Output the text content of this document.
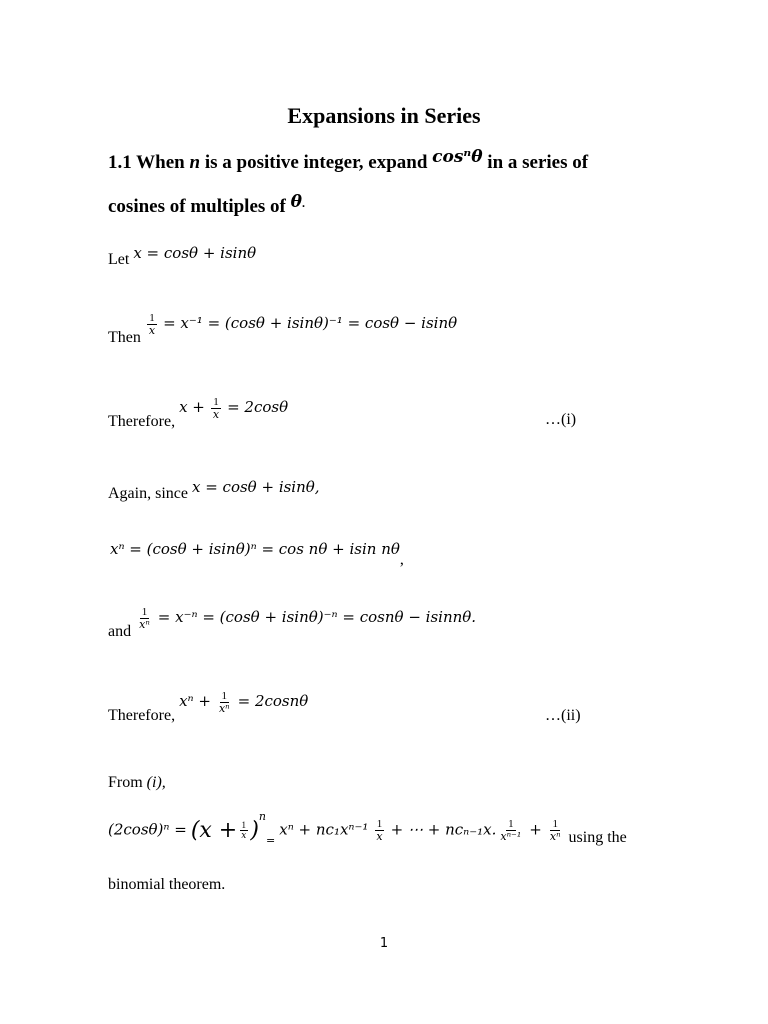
Expansions in Series
1.1 When n is a positive integer, expand cosⁿθ in a series of
cosines of multiples of θ.
Let x = cosθ + isinθ
Then
$\frac{1}{x} = x^{-1} = (\cos\theta + isin\theta)^{-1} = \cos\theta - isin\theta$
Therefore, $x + \frac{1}{x} = 2\cos\theta$
…(i)
Again, since x = cosθ + isinθ,
xⁿ = (cosθ + isinθ)ⁿ = cos nθ + isin nθ,
and
$\frac{1}{\text{xⁿ}} = x^{-n} = (\cos\theta + isin\theta)^{-n} = \cos n\theta - isinn\theta$.
Therefore, $x^n + \frac{1}{\text{xⁿ}} = 2\cos n\theta$
…(ii)
From (i),
$(2\cos\theta)^n = (x + \frac{1}{x} )^n_=$ $x^n + nc_1x^{n-1} \frac{1}{x}$ + ⋯ + ncₙ₋₁x. $\frac{1}{\text{xⁿ⁻¹}} + \frac{1}{\text{xⁿ}}$ using the
binomial theorem.
1
